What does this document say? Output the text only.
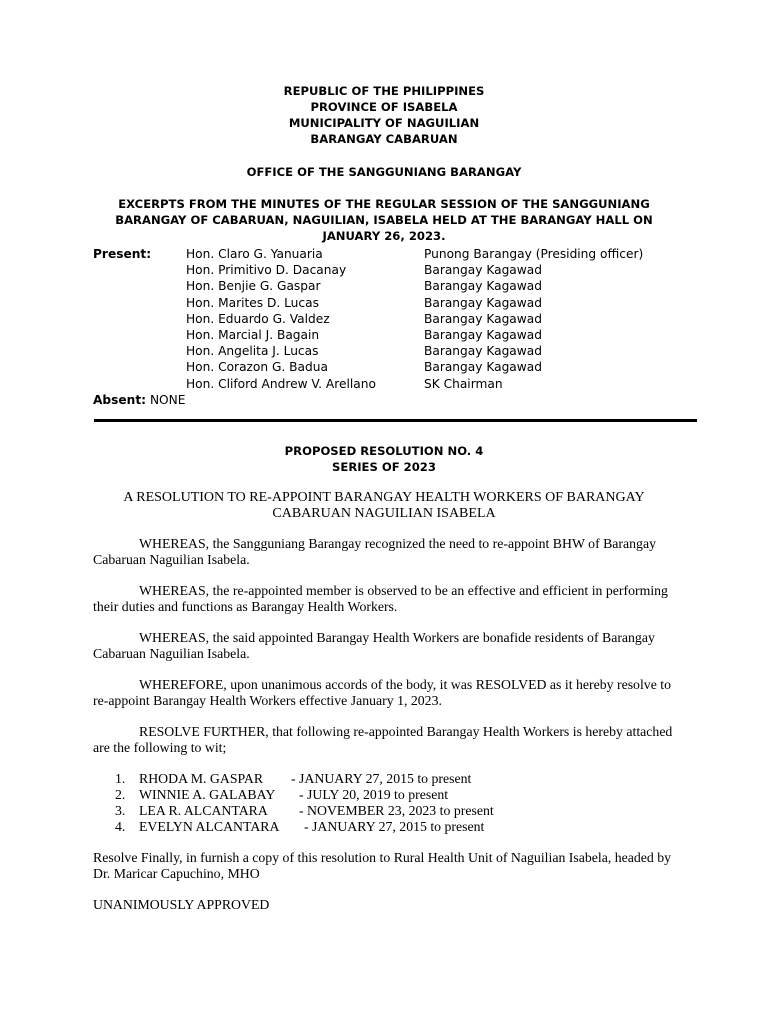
REPUBLIC OF THE PHILIPPINES
PROVINCE OF ISABELA
MUNICIPALITY OF NAGUILIAN
BARANGAY CABARUAN
OFFICE OF THE SANGGUNIANG BARANGAY
EXCERPTS FROM THE MINUTES OF THE REGULAR SESSION OF THE SANGGUNIANG BARANGAY OF CABARUAN, NAGUILIAN, ISABELA HELD AT THE BARANGAY HALL ON JANUARY 26, 2023.
Present:	Hon. Claro G. Yanuaria	Punong Barangay (Presiding officer)
Hon. Primitivo D. Dacanay	Barangay Kagawad
Hon. Benjie G. Gaspar	Barangay Kagawad
Hon. Marites D. Lucas	Barangay Kagawad
Hon. Eduardo G. Valdez	Barangay Kagawad
Hon. Marcial J. Bagain	Barangay Kagawad
Hon. Angelita J. Lucas	Barangay Kagawad
Hon. Corazon G. Badua	Barangay Kagawad
Hon. Cliford Andrew V. Arellano	SK Chairman
Absent: NONE
PROPOSED RESOLUTION NO. 4
SERIES OF 2023
A RESOLUTION TO RE-APPOINT BARANGAY HEALTH WORKERS OF BARANGAY CABARUAN NAGUILIAN ISABELA

WHEREAS, the Sangguniang Barangay recognized the need to re-appoint BHW of Barangay Cabaruan Naguilian Isabela.

WHEREAS, the re-appointed member is observed to be an effective and efficient in performing their duties and functions as Barangay Health Workers.

WHEREAS, the said appointed Barangay Health Workers are bonafide residents of Barangay Cabaruan Naguilian Isabela.

WHEREFORE, upon unanimous accords of the body, it was RESOLVED as it hereby resolve to re-appoint Barangay Health Workers effective January 1, 2023.

RESOLVE FURTHER, that following re-appointed Barangay Health Workers is hereby attached are the following to wit;

1. RHODA M. GASPAR - JANUARY 27, 2015 to present
2. WINNIE A. GALABAY - JULY 20, 2019 to present
3. LEA R. ALCANTARA - NOVEMBER 23, 2023 to present
4. EVELYN ALCANTARA - JANUARY 27, 2015 to present

Resolve Finally, in furnish a copy of this resolution to Rural Health Unit of Naguilian Isabela, headed by Dr. Maricar Capuchino, MHO

UNANIMOUSLY APPROVED
